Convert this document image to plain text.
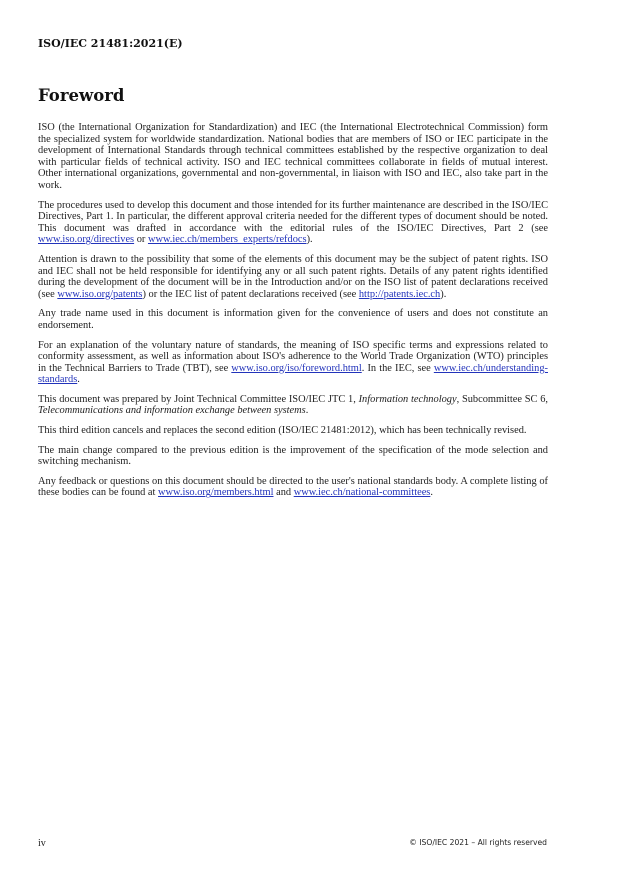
ISO/IEC 21481:2021(E)
Foreword

ISO (the International Organization for Standardization) and IEC (the International Electrotechnical Commission) form the specialized system for worldwide standardization. National bodies that are members of ISO or IEC participate in the development of International Standards through technical committees established by the respective organization to deal with particular fields of technical activity. ISO and IEC technical committees collaborate in fields of mutual interest. Other international organizations, governmental and non-governmental, in liaison with ISO and IEC, also take part in the work.

The procedures used to develop this document and those intended for its further maintenance are described in the ISO/IEC Directives, Part 1. In particular, the different approval criteria needed for the different types of document should be noted. This document was drafted in accordance with the editorial rules of the ISO/IEC Directives, Part 2 (see www.iso.org/directives or www.iec.ch/members_experts/refdocs).

Attention is drawn to the possibility that some of the elements of this document may be the subject of patent rights. ISO and IEC shall not be held responsible for identifying any or all such patent rights. Details of any patent rights identified during the development of the document will be in the Introduction and/or on the ISO list of patent declarations received (see www.iso.org/patents) or the IEC list of patent declarations received (see http://patents.iec.ch).

Any trade name used in this document is information given for the convenience of users and does not constitute an endorsement.

For an explanation of the voluntary nature of standards, the meaning of ISO specific terms and expressions related to conformity assessment, as well as information about ISO's adherence to the World Trade Organization (WTO) principles in the Technical Barriers to Trade (TBT), see www.iso.org/iso/foreword.html. In the IEC, see www.iec.ch/understanding-standards.

This document was prepared by Joint Technical Committee ISO/IEC JTC 1, Information technology, Subcommittee SC 6, Telecommunications and information exchange between systems.

This third edition cancels and replaces the second edition (ISO/IEC 21481:2012), which has been technically revised.

The main change compared to the previous edition is the improvement of the specification of the mode selection and switching mechanism.

Any feedback or questions on this document should be directed to the user's national standards body. A complete listing of these bodies can be found at www.iso.org/members.html and www.iec.ch/national-committees.

iv	© ISO/IEC 2021 – All rights reserved
